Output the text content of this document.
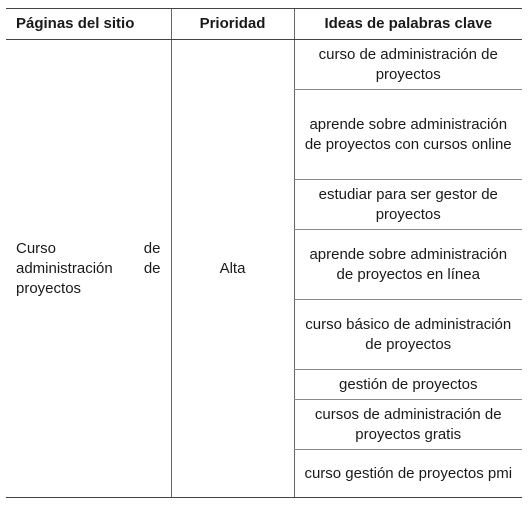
Páginas del sitio	Prioridad	Ideas de palabras clave
Curso de administración de proyectos	Alta	curso de administración de proyectos
		aprende sobre administración de proyectos con cursos online
		estudiar para ser gestor de proyectos
		aprende sobre administración de proyectos en línea
		curso básico de administración de proyectos
		gestión de proyectos
		cursos de administración de proyectos gratis
		curso gestión de proyectos pmi
